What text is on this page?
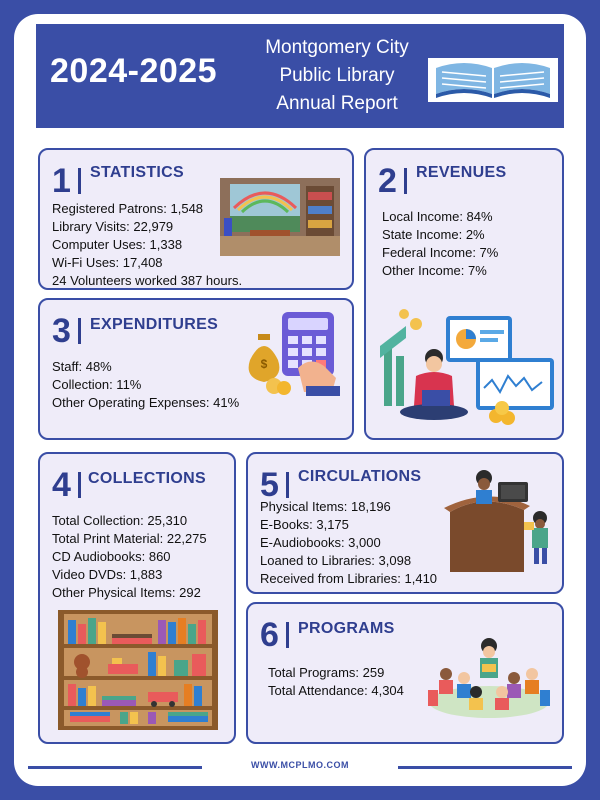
2024-2025
Montgomery City
Public Library
Annual Report
1 STATISTICS
Registered Patrons: 1,548
Library Visits: 22,979
Computer Uses: 1,338
Wi-Fi Uses: 17,408
24 Volunteers worked 387 hours.
2 REVENUES
Local Income: 84%
State Income: 2%
Federal Income: 7%
Other Income: 7%
3 EXPENDITURES
Staff: 48%
Collection: 11%
Other Operating Expenses: 41%
$
4 COLLECTIONS
Total Collection: 25,310
Total Print Material: 22,275
CD Audiobooks: 860
Video DVDs: 1,883
Other Physical Items: 292
5 CIRCULATIONS
Physical Items: 18,196
E-Books: 3,175
E-Audiobooks: 3,000
Loaned to Libraries: 3,098
Received from Libraries: 1,410
6 PROGRAMS
Total Programs: 259
Total Attendance: 4,304
WWW.MCPLMO.COM
